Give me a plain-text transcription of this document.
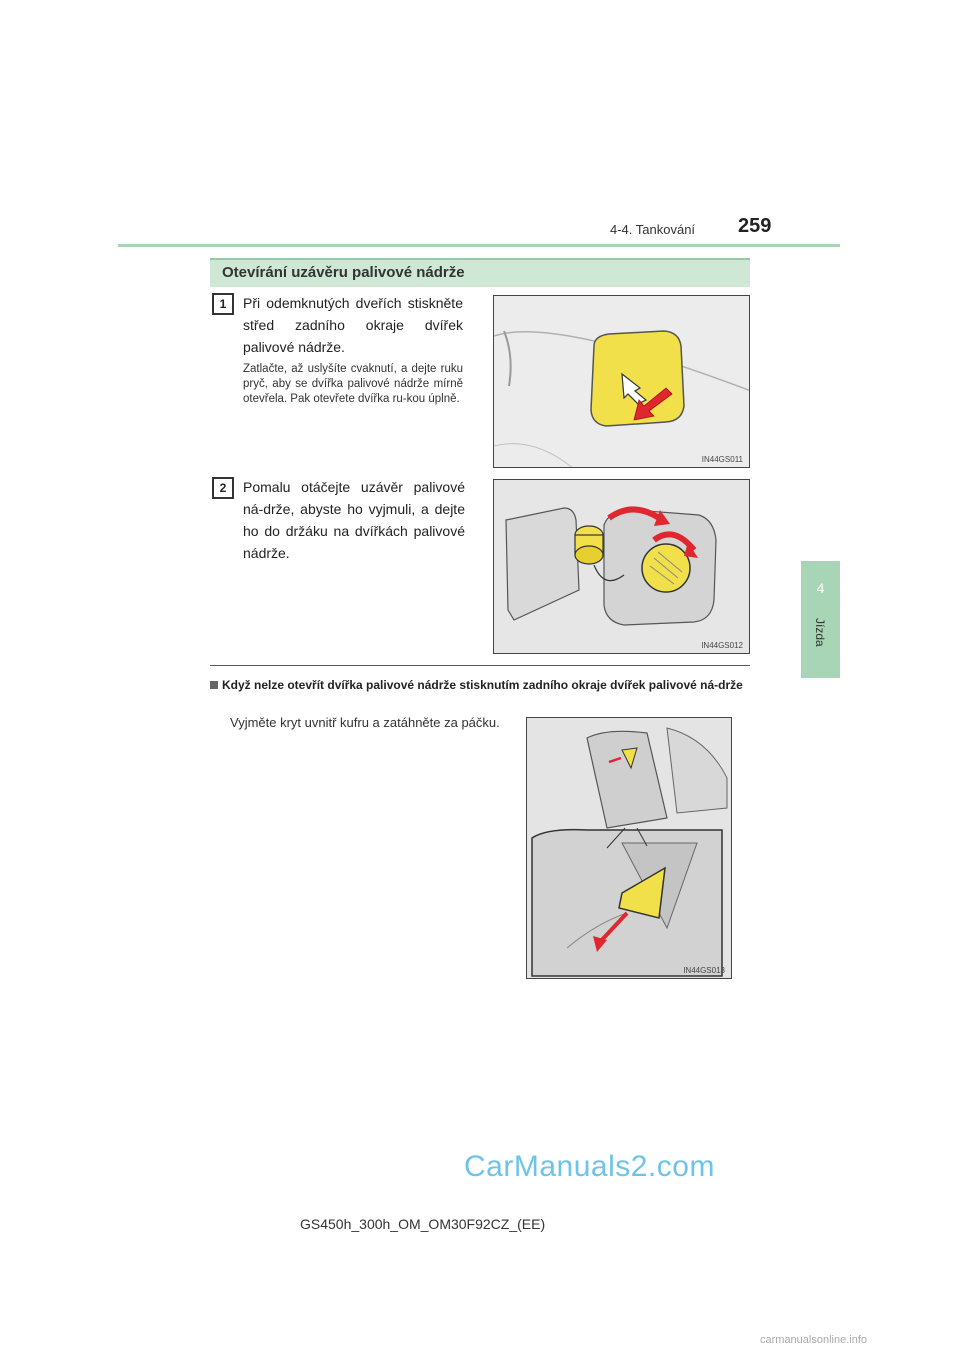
4-4. Tankování 259
4
Jízda
Otevírání uzávěru palivové nádrže
1	Při odemknutých dveřích stiskněte střed zadního okraje dvířek palivové nádrže.
Zatlačte, až uslyšíte cvaknutí, a dejte ruku pryč, aby se dvířka palivové nádrže mírně otevřela. Pak otevřete dvířka ru-kou úplně.
IN44GS011
2	Pomalu otáčejte uzávěr palivové ná-drže, abyste ho vyjmuli, a dejte ho do držáku na dvířkách palivové nádrže.
IN44GS012
Když nelze otevřít dvířka palivové nádrže stisknutím zadního okraje dvířek palivové ná-drže
Vyjměte kryt uvnitř kufru a zatáhněte za páčku.
IN44GS013
GS450h_300h_OM_OM30F92CZ_(EE)
CarManuals2.com
carmanualsonline.info
